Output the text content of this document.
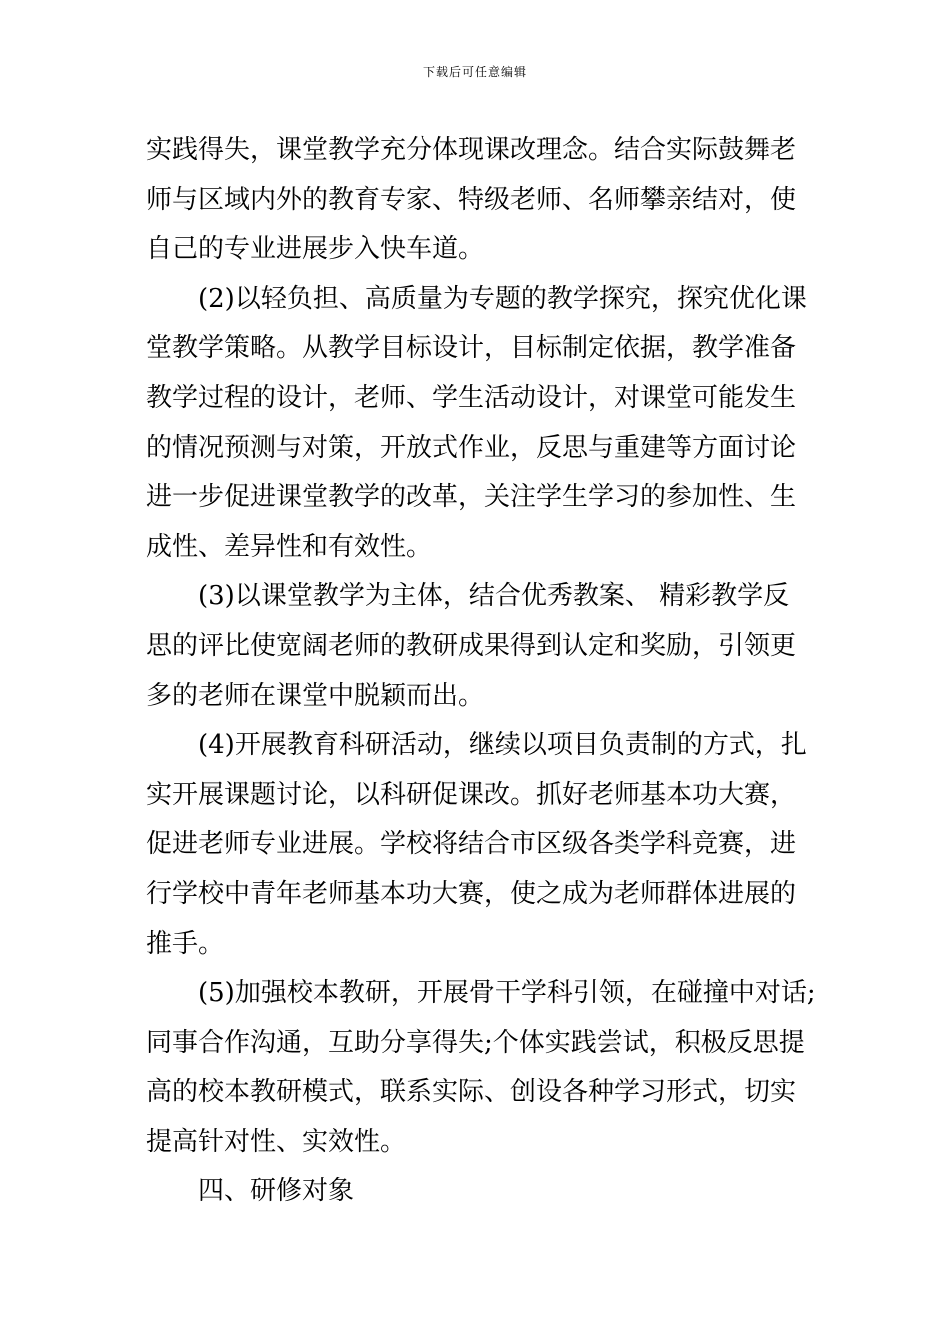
下载后可任意编辑

实践得失，课堂教学充分体现课改理念。结合实际鼓舞老
师与区域内外的教育专家、特级老师、名师攀亲结对，使
自己的专业进展步入快车道。

(2)以轻负担、高质量为专题的教学探究，探究优化课
堂教学策略。从教学目标设计，目标制定依据，教学准备
教学过程的设计，老师、学生活动设计，对课堂可能发生
的情况预测与对策，开放式作业，反思与重建等方面讨论
进一步促进课堂教学的改革，关注学生学习的参加性、生
成性、差异性和有效性。

(3)以课堂教学为主体，结合优秀教案、 精彩教学反
思的评比使宽阔老师的教研成果得到认定和奖励，引领更
多的老师在课堂中脱颖而出。

(4)开展教育科研活动，继续以项目负责制的方式，扎
实开展课题讨论，以科研促课改。抓好老师基本功大赛，
促进老师专业进展。学校将结合市区级各类学科竞赛，进
行学校中青年老师基本功大赛，使之成为老师群体进展的
推手。

(5)加强校本教研，开展骨干学科引领，在碰撞中对话;
同事合作沟通，互助分享得失;个体实践尝试，积极反思提
高的校本教研模式，联系实际、创设各种学习形式，切实
提高针对性、实效性。

四、研修对象
